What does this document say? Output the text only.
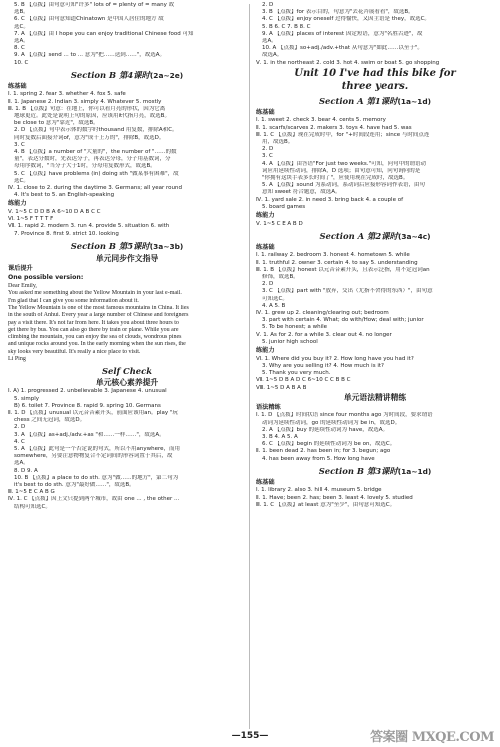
5. B 【点拨】由句意可知"许多" lots of = plenty of = many 故
选B。
6. C 【点拨】由句意知道Chinatown 是中国人居住的地方 故
选C。
7. A 【点拨】由 I hope you can enjoy traditional Chinese food 可知
选A。
8. C
9. A 【点拨】send ... to ... 意为"把……送到……"，故选A。
10. C
Section B 第4课时(2a~2e)
练基础
Ⅰ. 1. spring 2. fear 3. whether 4. fox 5. safe
Ⅱ. 1. Japanese 2. Indian 3. simply 4. Whatever 5. mostly
Ⅲ. 1. B 【点拨】句意：在地上，你可以看月亮的形状，因为它离
地球更近。此处是说明上句的原因，应该用it代指月亮，故选B。
be close to 意为"靠近"，故选B。
2. D 【点拨】句中表示体的数字时thousand 用复数，排除A和C。
同时复数后面接介词of，意为"成千上万的"，排除B，故选D。
3. C
4. B 【点拨】a number of "大量的"，the number of "……的数
量"，表达分数时，先表达分子，再表达分母，分子用基数词，分
母用序数词，"当分子大于1时，分母用复数形式，故选B。
5. C 【点拨】have problems (in) doing sth "做某事有困难"，故
选C。
Ⅳ. 1. close to 2. during the daytime 3. Germans; all year round
4. It's best to 5. an English-speaking
练能力
Ⅴ. 1~5 C D D B A 6~10 D A B C C
Ⅵ. 1~5 F T T T F
Ⅶ. 1. rapid 2. modern 3. run 4. provide 5. situation 6. with
7. Province 8. first 9. strict 10. looking
Section B 第5课时(3a~3b)
单元同步作文指导
课后提升
One possible version:
Dear Emily,
You asked me something about the Yellow Mountain in your last e-mail.
I'm glad that I can give you some information about it.
The Yellow Mountain is one of the most famous mountains in China. It lies
in the south of Anhui. Every year a large number of Chinese and foreigners
pay a visit there. It's not far from here. It takes you about three hours to
get there by bus. You can also go there by train or plane. While you are
climbing the mountain, you can enjoy the sea of clouds, wondrous pines
and unique rocks around you. In the early morning when the sun rises, the
sky looks very beautiful. It's really a nice place to visit.
Li Ping
Self Check
单元核心素养提升
Ⅰ. A) 1. progressed 2. unbelievable 3. Japanese 4. unusual
5. simply
B) 6. toilet 7. Province 8. rapid 9. spring 10. Germans
Ⅱ. 1. D 【点拨】unusual 以元音音素开头，前面应该用an。play "玩
chess 之间无冠词，故选D。
2. D
3. A 【点拨】as+adj./adv.+as "和……一样……"，故选A。
4. C
5. A 【点拨】此句是一个否定说的句式，所以不用anywhere，而用
somewhere，另要注意物物复合不定词间的形容词置于其后，故
选A。
8. D 9. A
10. B 【点拨】a place to do sth. 意为"做……的地方"，第二句为
it's best to do sth. 意为"最好做……"，故选B。
Ⅲ. 1~5 E C A B G
Ⅳ. 1. C 【点拨】因上文只提到两个城市，故由 one ... , the other ...
结构可知选C。
2. D
3. B 【点拨】for 表示目的，句意为"去花卉展看看"，故选B。
4. C 【点拨】enjoy oneself 过得愉快，又因主语是 they，故选C。
5. B 6. C 7. B 8. C
9. A 【点拨】places of interest 因定短语，意为"名胜古迹"，故
选A。
10. A 【点拨】so+adj./adv.+that 从句意为"如此……以至于"。
故选A。
Ⅴ. 1. in the northeast 2. cold 3. hot 4. swim or boat 5. go shopping
Unit 10 I've had this bike for
three years.
Section A 第1课时(1a~1d)
练基础
Ⅰ. 1. sweet 2. check 3. bear 4. cents 5. memory
Ⅱ. 1. scarfs/scarves 2. makers 3. toys 4. have had 5. was
Ⅲ. 1. C 【点拨】现在完成时中，for "+时间段连用；since 与时间点连
用，故选B。
2. D
3. C
4. A 【点拨】由答语"For just two weeks."可知，问句中的谓语动
词应用延续性动词，排除A，D 选项；由句意可知，问句询问的是
"你拥有这块手表多长时间了"，应使用现在完成时，故选B。
5. A 【点拨】sound 为系动词，系动词后应接形容词作表语，由句
意知 sweet 符合题意，故选A。
Ⅳ. 1. yard sale 2. in need 3. bring back 4. a couple of
5. board games
练能力
Ⅴ. 1~5 C E A B D
Section A 第2课时(3a~4c)
练基础
Ⅰ. 1. railway 2. bedroom 3. honest 4. hometown 5. while
Ⅱ. 1. truthful 2. owner 3. certain 4. to say 5. understanding
Ⅲ. 1. B 【点拨】honest 以元音音素开头，且表示泛指，用不定冠词an
修饰，故选B。
2. D
3. C 【点拨】part with "放弃，交出（尤指不舍得的东西）"，由句意
可知选C。
4. A 5. B
Ⅳ. 1. grew up 2. cleaning/clearing out; bedroom
3. part with certain 4. What; do with/How; deal with; junior
5. To be honest; a while
Ⅴ. 1. As for 2. for a while 3. clear out 4. no longer
5. junior high school
练能力
Ⅵ. 1. Where did you buy it? 2. How long have you had it?
3. Why are you selling it? 4. How much is it?
5. Thank you very much.
Ⅶ. 1~5 D B A D C 6~10 C C B B C
Ⅷ. 1~5 D A B A B
单元语法精讲精练
语法精练
Ⅰ. 1. D 【点拨】时间状语 since four months ago 为时间段，要求谓语
动词为延续性动词，go 的延续性动词为 be in，故选D。
2. A 【点拨】buy 的延续性动词为 have，故选A。
3. B 4. A 5. A
6. C 【点拨】begin 的延续性动词为 be on，故选C。
Ⅱ. 1. been dead 2. has been in; for 3. begun; ago
4. has been away from 5. How long have
Section B 第3课时(1a~1d)
练基础
Ⅰ. 1. library 2. also 3. hill 4. museum 5. bridge
Ⅱ. 1. Have; been 2. has; been 3. least 4. lovely 5. studied
Ⅲ. 1. C 【点拨】at least 意为"至少"，由句意可知选C。
—155—	答案圈 MXQE.COM
